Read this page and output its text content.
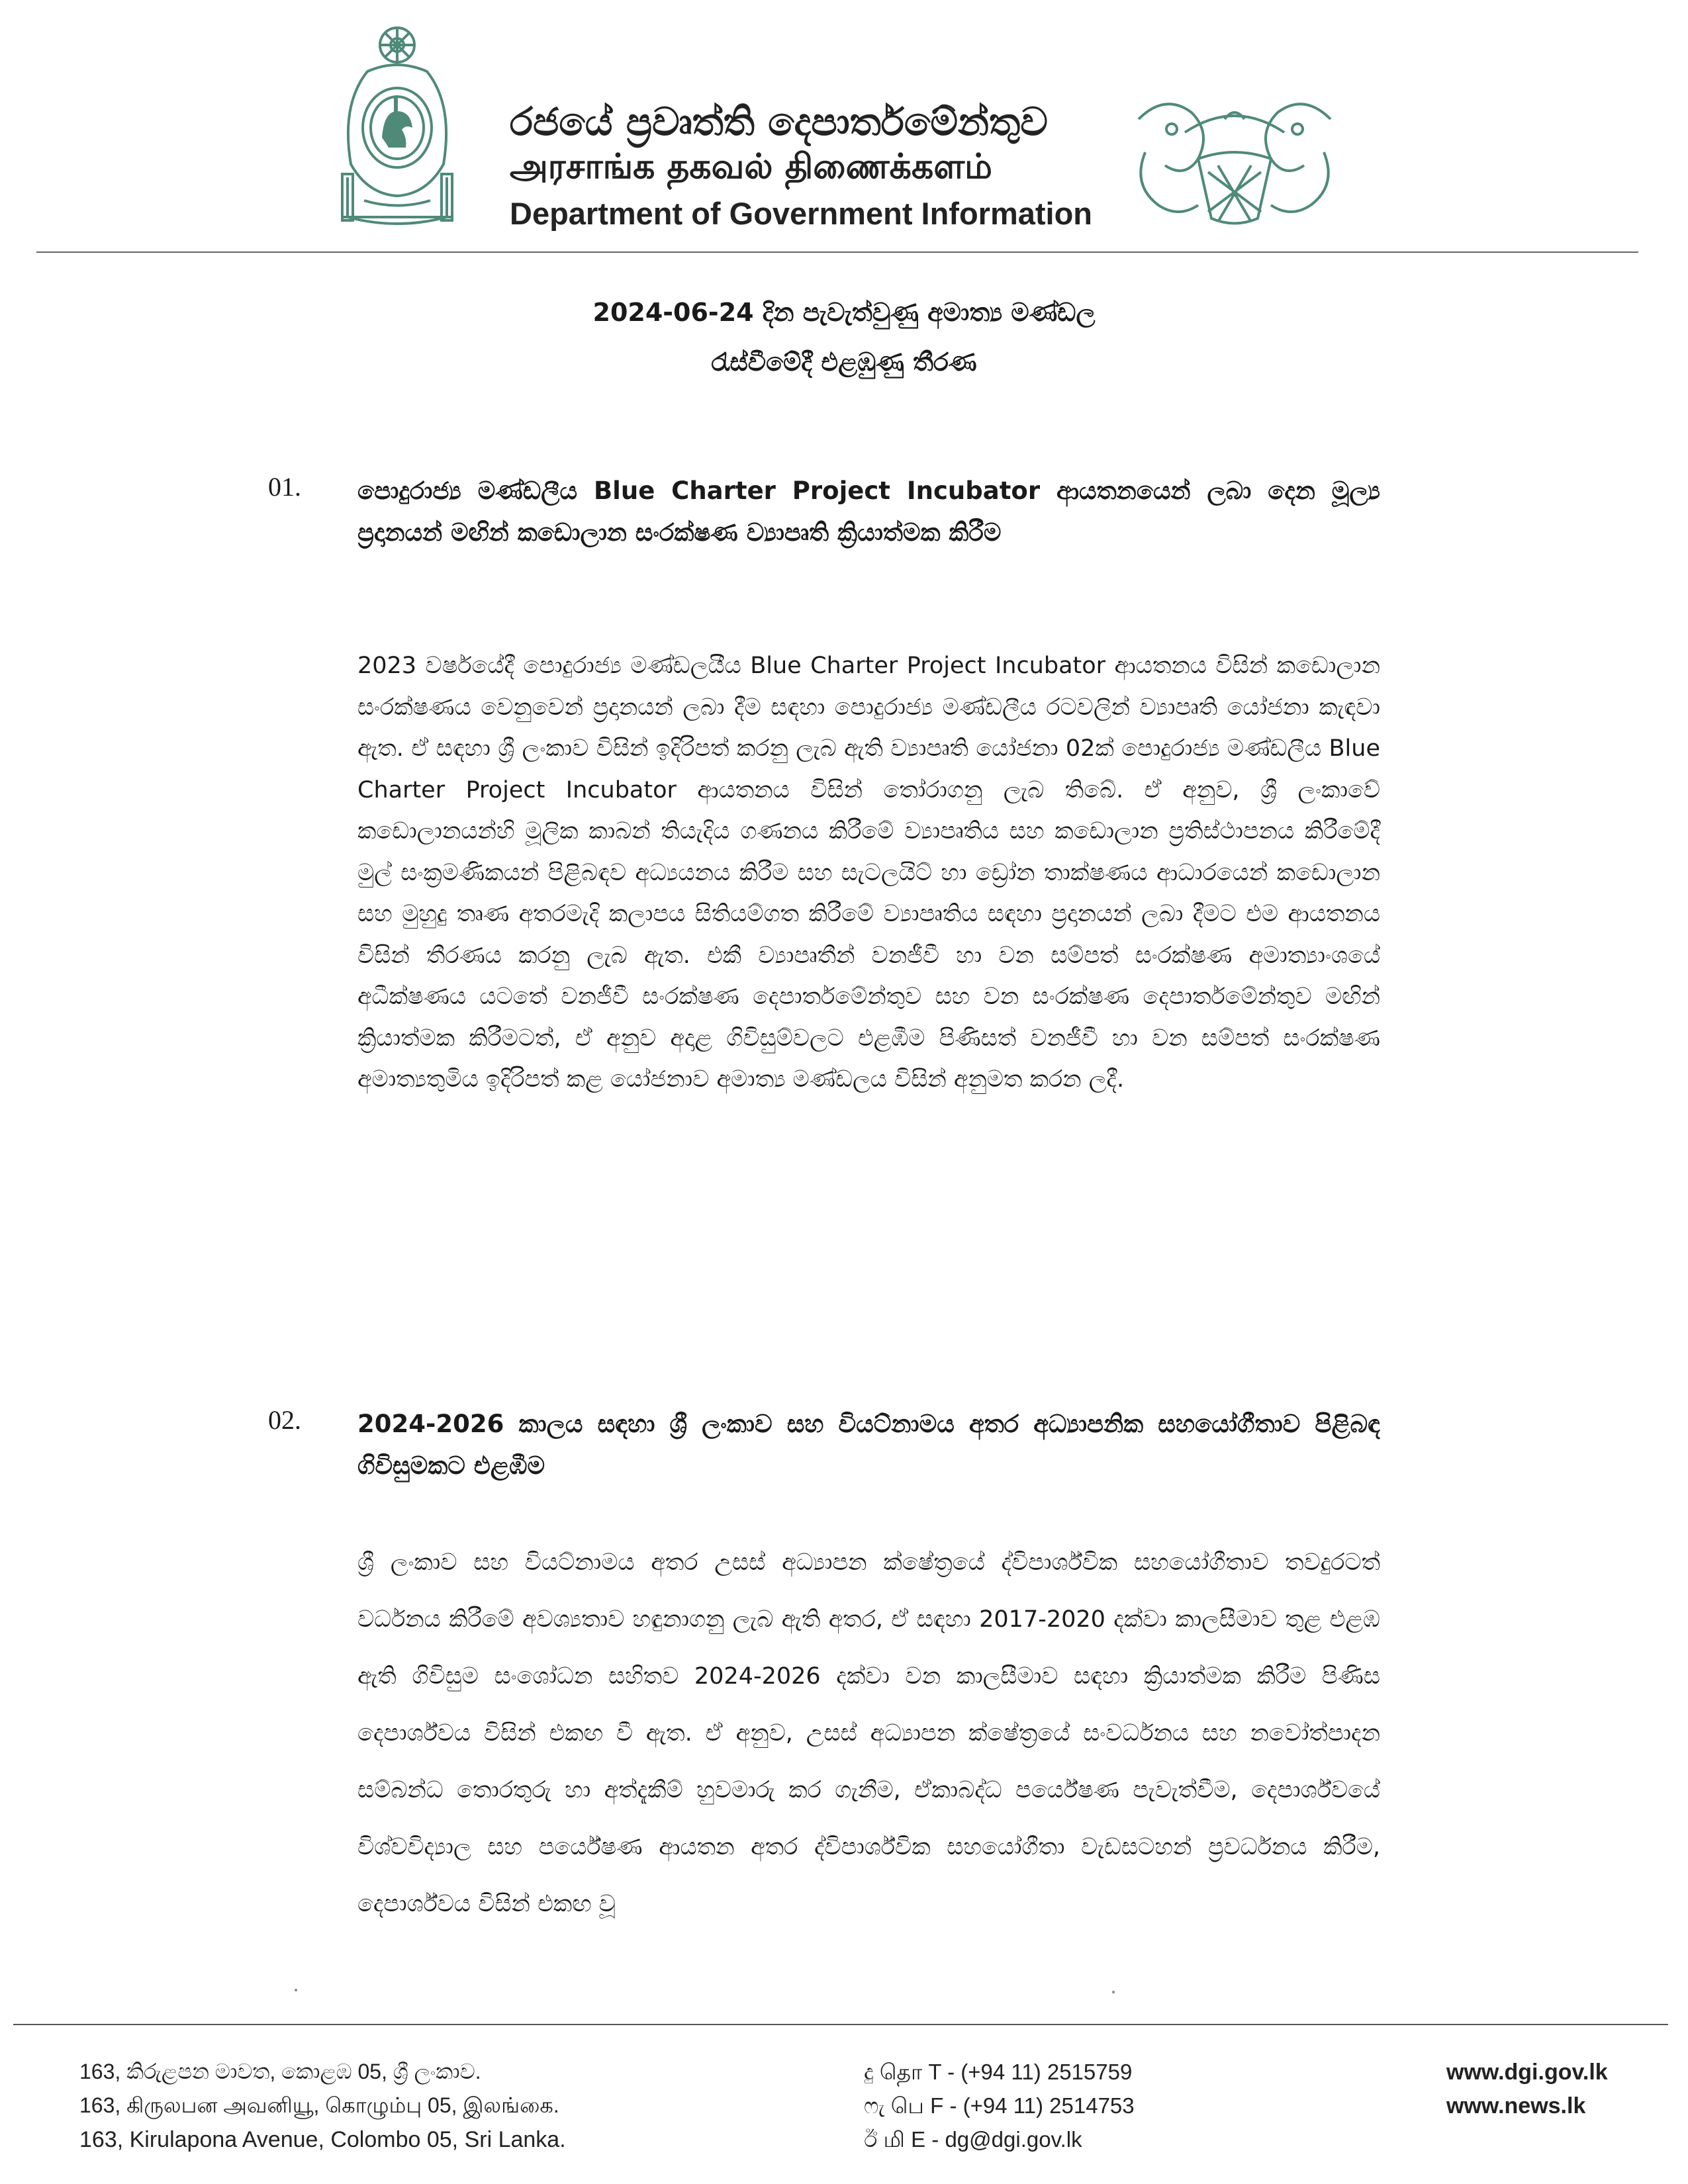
රජයේ ප්‍රවෘත්ති දෙපාර්තමේන්තුව
அரசாங்க தகவல் திணைக்களம்
Department of Government Information
2024-06-24 දින පැවැත්වුණු අමාත්‍ය මණ්ඩල
රැස්වීමේදී එළඹුණු තීරණ
01. පොදුරාජ්‍ය මණ්ඩලීය Blue Charter Project Incubator ආයතනයෙන් ලබා දෙන මූල්‍ය ප්‍රදානයන් මඟින් කඩොලාන සංරක්ෂණ ව්‍යාපෘති ක්‍රියාත්මක කිරීම

2023 වර්ෂයේදී පොදුරාජ්‍ය මණ්ඩලයීය Blue Charter Project Incubator ආයතනය විසින් කඩොලාන සංරක්ෂණය වෙනුවෙන් ප්‍රදානයන් ලබා දීම සඳහා පොදුරාජ්‍ය මණ්ඩලීය රටවලින් ව්‍යාපෘති යෝජනා කැඳවා ඇත. ඒ සඳහා ශ්‍රී ලංකාව විසින් ඉදිරිපත් කරනු ලැබ ඇති ව්‍යාපෘති යෝජනා 02ක් පොදුරාජ්‍ය මණ්ඩලීය Blue Charter Project Incubator ආයතනය විසින් තෝරාගනු ලැබ තිබේ. ඒ අනුව, ශ්‍රී ලංකාවේ කඩොලානයන්හි මූලික කාබන් තියැදිය ගණනය කිරීමේ ව්‍යාපෘතිය සහ කඩොලාන ප්‍රතිස්ථාපනය කිරීමේදී මුල් සංක්‍රමණිකයන් පිළිබඳව අධ්‍යයනය කිරීම සහ සැටලයිට් හා ඩ්‍රෝන තාක්ෂණය ආධාරයෙන් කඩොලාන සහ මුහුදු තෘණ අතරමැදි කලාපය සිතියම්ගත කිරීමේ ව්‍යාපෘතිය සඳහා ප්‍රදානයන් ලබා දීමට එම ආයතනය විසින් තීරණය කරනු ලැබ ඇත. එකී ව්‍යාපෘතීන් වනජීවී හා වන සම්පත් සංරක්ෂණ අමාත්‍යාංශයේ අධීක්ෂණය යටතේ වනජීවී සංරක්ෂණ දෙපාර්තමේන්තුව සහ වන සංරක්ෂණ දෙපාර්තමේන්තුව මඟින් ක්‍රියාත්මක කිරීමටත්, ඒ අනුව අදාළ ගිවිසුම්වලට එළඹීම පිණිසත් වනජීවී හා වන සම්පත් සංරක්ෂණ අමාත්‍යතුමිය ඉදිරිපත් කළ යෝජනාව අමාත්‍ය මණ්ඩලය විසින් අනුමත කරන ලදී.

02. 2024-2026 කාලය සඳහා ශ්‍රී ලංකාව සහ වියට්නාමය අතර අධ්‍යාපනික සහයෝගීතාව පිළිබඳ ගිවිසුමකට එළඹීම

ශ්‍රී ලංකාව සහ වියට්නාමය අතර උසස් අධ්‍යාපන ක්ෂේත්‍රයේ ද්විපාර්ශ්වික සහයෝගීතාව තවදුරටත් වර්ධනය කිරීමේ අවශ්‍යතාව හඳුනාගනු ලැබ ඇති අතර, ඒ සඳහා 2017-2020 දක්වා කාලසීමාව තුළ එළඹ ඇති ගිවිසුම සංශෝධන සහිතව 2024-2026 දක්වා වන කාලසීමාව සඳහා ක්‍රියාත්මක කිරීම පිණිස දෙපාර්ශ්වය විසින් එකඟ වී ඇත. ඒ අනුව, උසස් අධ්‍යාපන ක්ෂේත්‍රයේ සංවර්ධනය සහ නවෝත්පාදන සම්බන්ධ තොරතුරු හා අත්දැකීම් හුවමාරු කර ගැනීම, ඒකාබද්ධ පර්යේෂණ පැවැත්වීම, දෙපාර්ශ්වයේ විශ්වවිද්‍යාල සහ පර්යේෂණ ආයතන අතර ද්විපාර්ශ්වික සහයෝගීතා වැඩසටහන් ප්‍රවර්ධනය කිරීම, දෙපාර්ශ්වය විසින් එකඟ වූ

163, කිරුළපන මාවත, කොළඹ 05, ශ්‍රී ලංකාව.
163, கிருலபன அவனியூ, கொழும்பு 05, இலங்கை.
163, Kirulapona Avenue, Colombo 05, Sri Lanka.
දු தொ T - (+94 11) 2515759
ෆැ பெ F - (+94 11) 2514753
ඊ மி E - dg@dgi.gov.lk
www.dgi.gov.lk
www.news.lk
